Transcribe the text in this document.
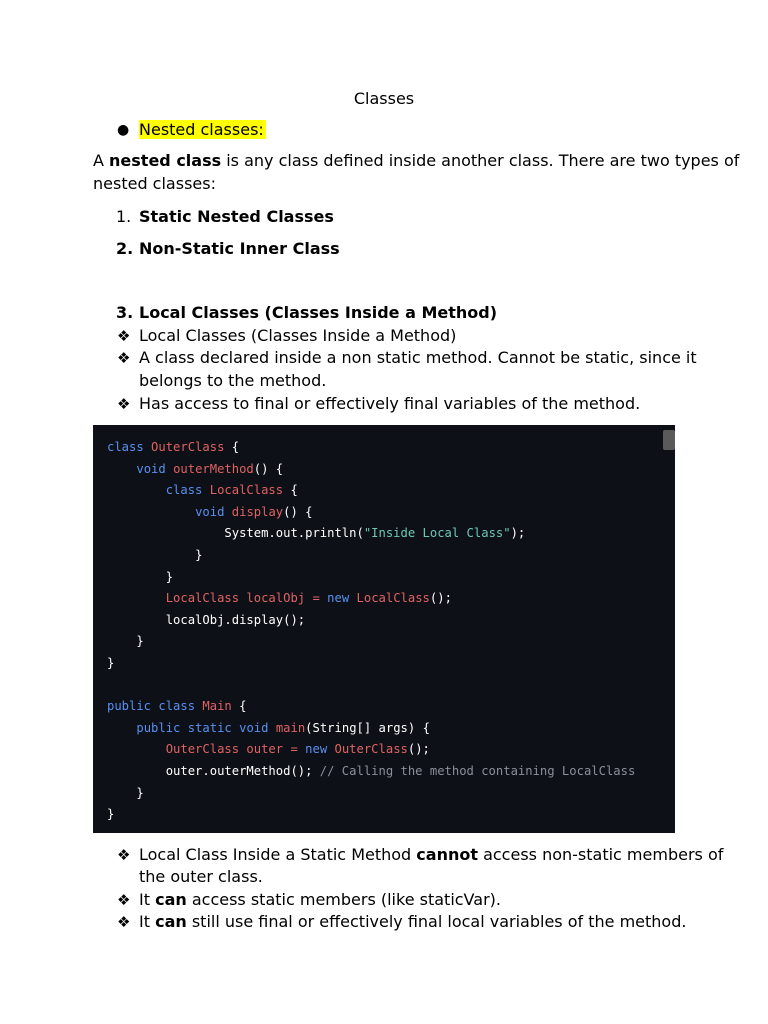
Classes
● Nested classes:
A nested class is any class defined inside another class. There are two types of
nested classes:
1. Static Nested Classes
2. Non-Static Inner Class
3. Local Classes (Classes Inside a Method)
❖ Local Classes (Classes Inside a Method)
❖ A class declared inside a non static method. Cannot be static, since it
belongs to the method.
❖ Has access to final or effectively final variables of the method.
class OuterClass {
void outerMethod() {
class LocalClass {
void display() {
System.out.println("Inside Local Class");
}
}
LocalClass localObj = new LocalClass();
localObj.display();
}
}

public class Main {
public static void main(String[] args) {
OuterClass outer = new OuterClass();
outer.outerMethod(); // Calling the method containing LocalClass
}
}
❖ Local Class Inside a Static Method cannot access non-static members of
the outer class.
❖ It can access static members (like staticVar).
❖ It can still use final or effectively final local variables of the method.
